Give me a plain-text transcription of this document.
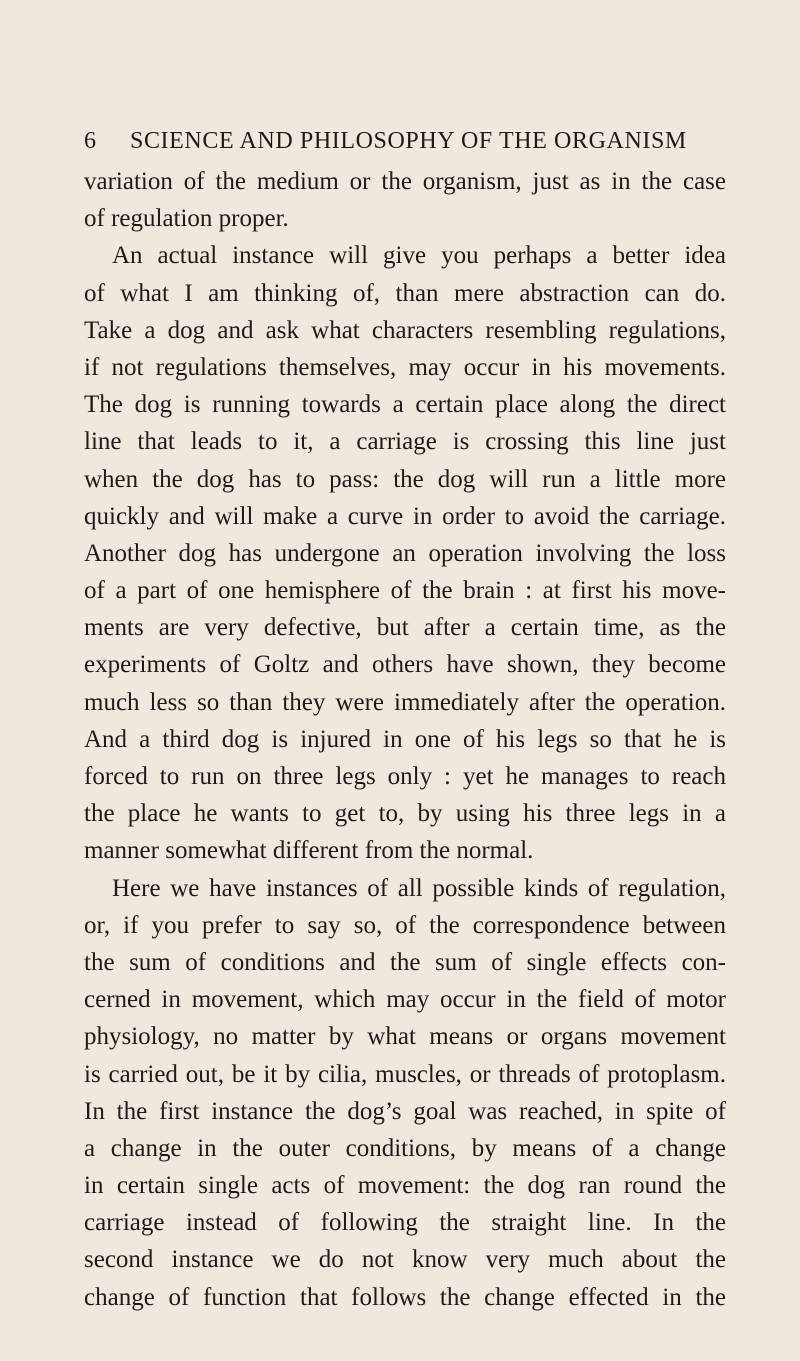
6 SCIENCE AND PHILOSOPHY OF THE ORGANISM
variation of the medium or the organism, just as in the case
of regulation proper.
An actual instance will give you perhaps a better idea
of what I am thinking of, than mere abstraction can do.
Take a dog and ask what characters resembling regulations,
if not regulations themselves, may occur in his movements.
The dog is running towards a certain place along the direct
line that leads to it, a carriage is crossing this line just
when the dog has to pass: the dog will run a little more
quickly and will make a curve in order to avoid the carriage.
Another dog has undergone an operation involving the loss
of a part of one hemisphere of the brain : at first his move-
ments are very defective, but after a certain time, as the
experiments of Goltz and others have shown, they become
much less so than they were immediately after the operation.
And a third dog is injured in one of his legs so that he is
forced to run on three legs only : yet he manages to reach
the place he wants to get to, by using his three legs in a
manner somewhat different from the normal.
Here we have instances of all possible kinds of regulation,
or, if you prefer to say so, of the correspondence between
the sum of conditions and the sum of single effects con-
cerned in movement, which may occur in the field of motor
physiology, no matter by what means or organs movement
is carried out, be it by cilia, muscles, or threads of protoplasm.
In the first instance the dog’s goal was reached, in spite of
a change in the outer conditions, by means of a change
in certain single acts of movement: the dog ran round the
carriage instead of following the straight line. In the
second instance we do not know very much about the
change of function that follows the change effected in the
